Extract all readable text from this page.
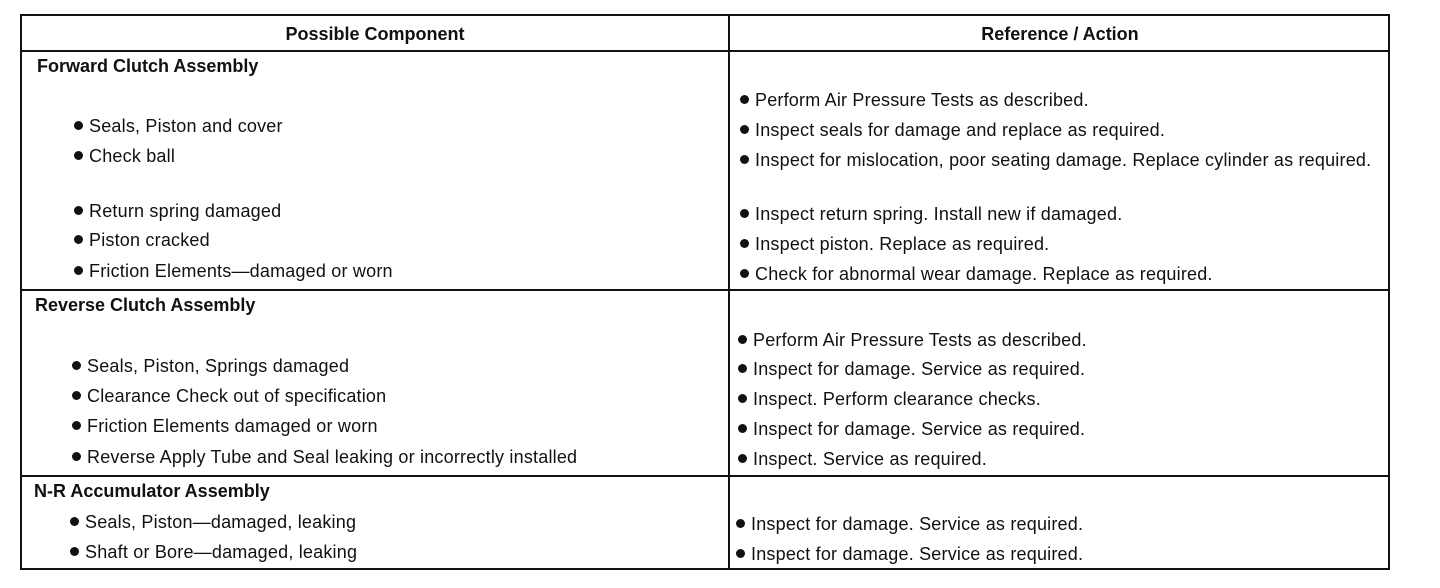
Possible Component	Reference / Action
Forward Clutch Assembly
Seals, Piston and cover
Check ball
Return spring damaged
Piston cracked
Friction Elements—damaged or worn
Perform Air Pressure Tests as described.
Inspect seals for damage and replace as required.
Inspect for mislocation, poor seating damage. Replace cylinder as required.
Inspect return spring. Install new if damaged.
Inspect piston. Replace as required.
Check for abnormal wear damage. Replace as required.
Reverse Clutch Assembly
Seals, Piston, Springs damaged
Clearance Check out of specification
Friction Elements damaged or worn
Reverse Apply Tube and Seal leaking or incorrectly installed
Perform Air Pressure Tests as described.
Inspect for damage. Service as required.
Inspect. Perform clearance checks.
Inspect for damage. Service as required.
Inspect. Service as required.
N-R Accumulator Assembly
Seals, Piston—damaged, leaking
Shaft or Bore—damaged, leaking
Inspect for damage. Service as required.
Inspect for damage. Service as required.
